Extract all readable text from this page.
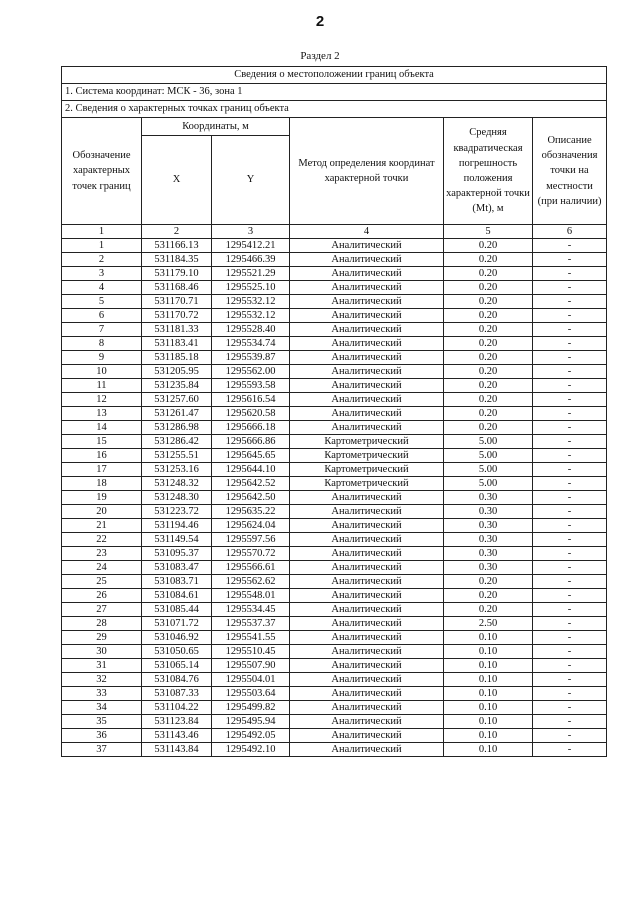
2
Раздел 2
Сведения о местоположении границ объекта					
1. Система координат: МСК - 36, зона 1					
2. Сведения о характерных точках границ объекта					
Обозначение характерных точек границ	Координаты, м		Метод определения координат характерной точки	Средняя квадратическая погрешность положения характерной точки (Mt), м	Описание обозначения точки на местности (при наличии)
	X	Y			
1	2	3	4	5	6
1	531166.13	1295412.21	Аналитический	0.20	-
2	531184.35	1295466.39	Аналитический	0.20	-
3	531179.10	1295521.29	Аналитический	0.20	-
4	531168.46	1295525.10	Аналитический	0.20	-
5	531170.71	1295532.12	Аналитический	0.20	-
6	531170.72	1295532.12	Аналитический	0.20	-
7	531181.33	1295528.40	Аналитический	0.20	-
8	531183.41	1295534.74	Аналитический	0.20	-
9	531185.18	1295539.87	Аналитический	0.20	-
10	531205.95	1295562.00	Аналитический	0.20	-
11	531235.84	1295593.58	Аналитический	0.20	-
12	531257.60	1295616.54	Аналитический	0.20	-
13	531261.47	1295620.58	Аналитический	0.20	-
14	531286.98	1295666.18	Аналитический	0.20	-
15	531286.42	1295666.86	Картометрический	5.00	-
16	531255.51	1295645.65	Картометрический	5.00	-
17	531253.16	1295644.10	Картометрический	5.00	-
18	531248.32	1295642.52	Картометрический	5.00	-
19	531248.30	1295642.50	Аналитический	0.30	-
20	531223.72	1295635.22	Аналитический	0.30	-
21	531194.46	1295624.04	Аналитический	0.30	-
22	531149.54	1295597.56	Аналитический	0.30	-
23	531095.37	1295570.72	Аналитический	0.30	-
24	531083.47	1295566.61	Аналитический	0.30	-
25	531083.71	1295562.62	Аналитический	0.20	-
26	531084.61	1295548.01	Аналитический	0.20	-
27	531085.44	1295534.45	Аналитический	0.20	-
28	531071.72	1295537.37	Аналитический	2.50	-
29	531046.92	1295541.55	Аналитический	0.10	-
30	531050.65	1295510.45	Аналитический	0.10	-
31	531065.14	1295507.90	Аналитический	0.10	-
32	531084.76	1295504.01	Аналитический	0.10	-
33	531087.33	1295503.64	Аналитический	0.10	-
34	531104.22	1295499.82	Аналитический	0.10	-
35	531123.84	1295495.94	Аналитический	0.10	-
36	531143.46	1295492.05	Аналитический	0.10	-
37	531143.84	1295492.10	Аналитический	0.10	-
